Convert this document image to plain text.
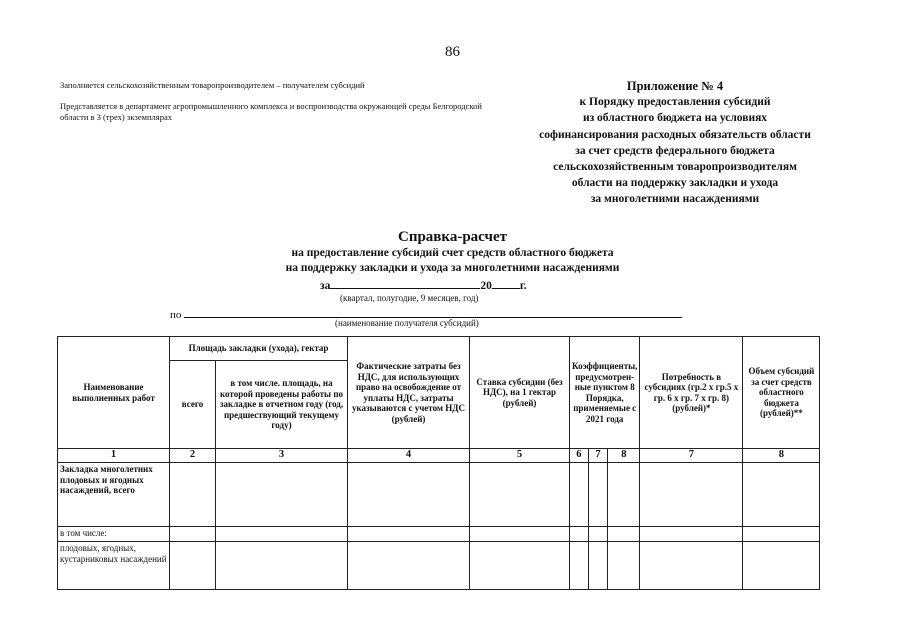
86
Заполняется сельскохозяйственным товаропроизводителем – получателем субсидий
Представляется в департамент агропромышленного комплекса и воспроизводства окружающей среды Белгородской области в 3 (трех) экземплярах
Приложение № 4
к Порядку предоставления субсидий
из областного бюджета на условиях
софинансирования расходных обязательств области
за счет средств федерального бюджета
сельскохозяйственным товаропроизводителям
области на поддержку закладки и ухода
за многолетними насаждениями
Справка-расчет
на предоставление субсидий счет средств областного бюджета
на поддержку закладки и ухода за многолетними насаждениями
за	20 г.
(квартал, полугодие, 9 месяцев, год)
по
(наименование получателя субсидий)
Наименование выполненных работ	Площадь закладки (ухода), гектар		Фактические затраты без НДС, для использующих право на освобождение от уплаты НДС, затраты указываются с учетом НДС (рублей)	Ставка субсидии (без НДС), на 1 гектар (рублей)	Коэффициенты, предусмотрен-ные пунктом 8 Порядка, применяемые с 2021 года			Потребность в субсидиях (гр.2 х гр.5 х гр. 6 х гр. 7 х гр. 8) (рублей)*	Объем субсидий за счет средств областного бюджета (рублей)**
	всего	в том числе. площадь, на которой проведены работы по закладке в отчетном году (год, предшествующий текущему году)							
1	2	3	4	5	6	7	8	7	8
Закладка многолетних плодовых и ягодных насаждений, всего									
в том числе:									
плодовых, ягодных, кустарниковых насаждений									
